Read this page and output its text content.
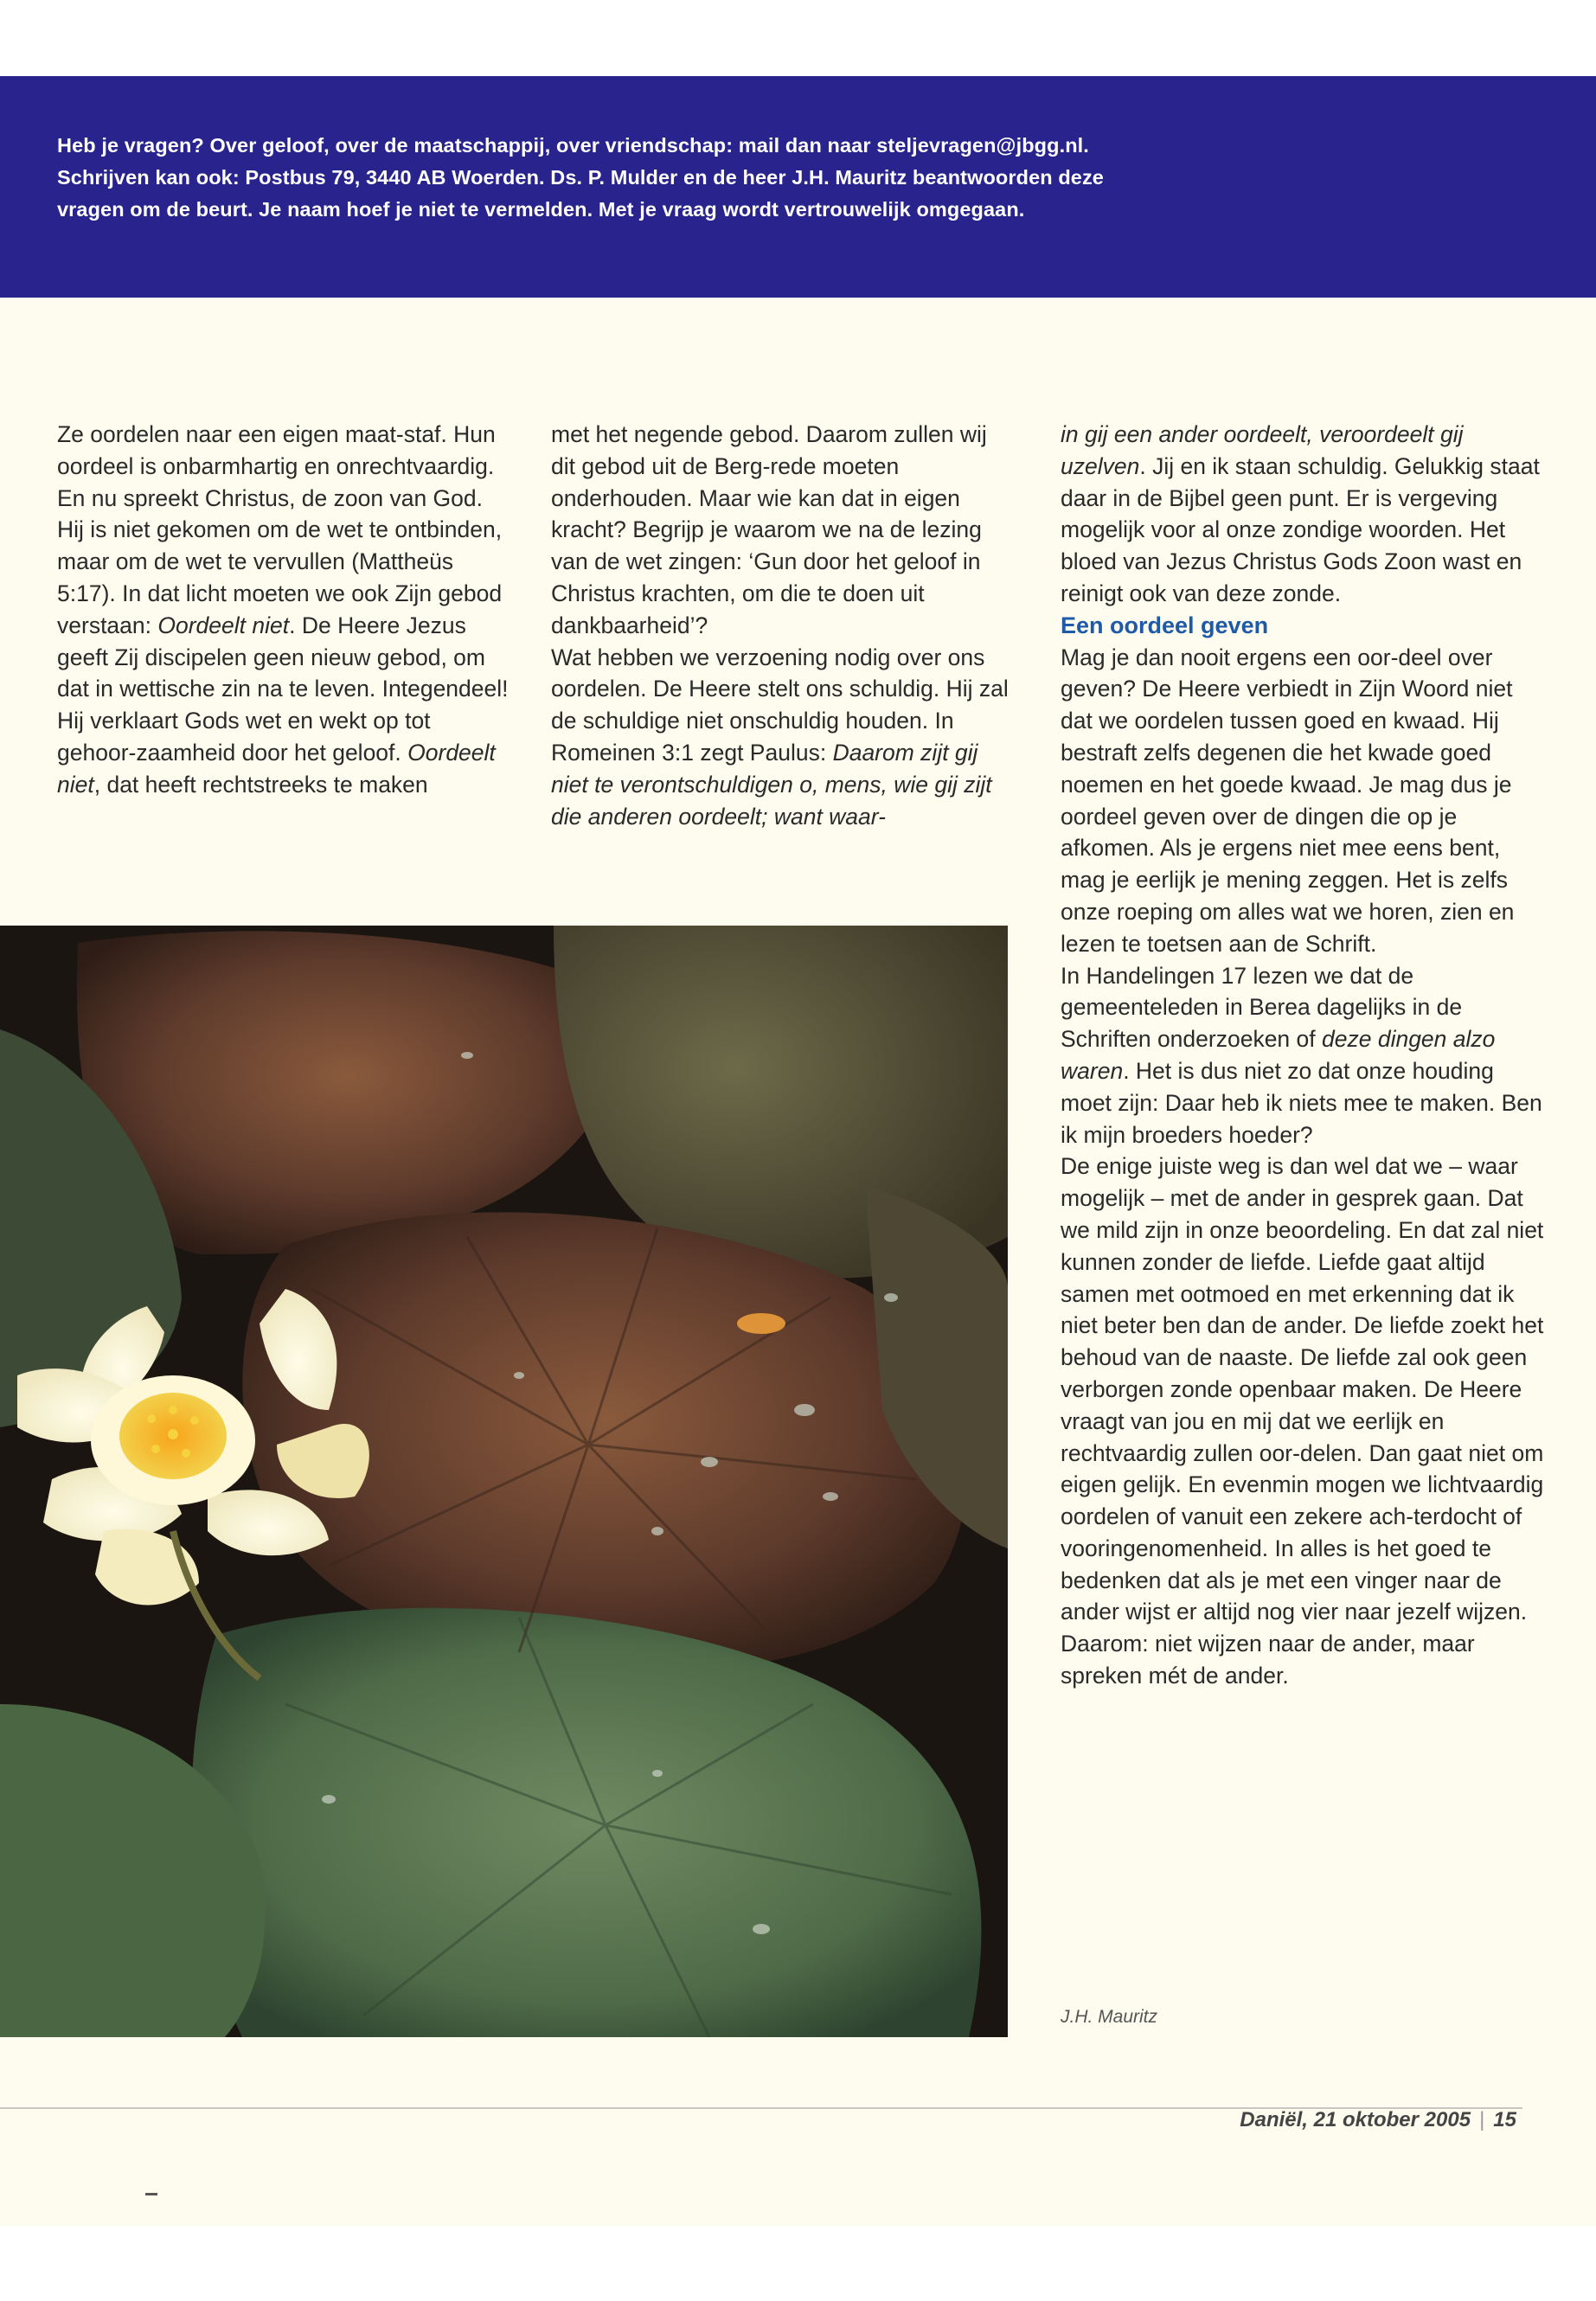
Heb je vragen? Over geloof, over de maatschappij, over vriendschap: mail dan naar steljevragen@jbgg.nl.

Schrijven kan ook: Postbus 79, 3440 AB Woerden. Ds. P. Mulder en de heer J.H. Mauritz beantwoorden deze

vragen om de beurt. Je naam hoef je niet te vermelden. Met je vraag wordt vertrouwelijk omgegaan.

Ze oordelen naar een eigen maat-staf. Hun oordeel is onbarmhartig en onrechtvaardig.

En nu spreekt Christus, de zoon van God. Hij is niet gekomen om de wet te ontbinden, maar om de wet te vervullen (Mattheüs 5:17). In dat licht moeten we ook Zijn gebod verstaan: Oordeelt niet. De Heere Jezus geeft Zij discipelen geen nieuw gebod, om dat in wettische zin na te leven. Integendeel! Hij verklaart Gods wet en wekt op tot gehoor-zaamheid door het geloof. Oordeelt niet, dat heeft rechtstreeks te maken

met het negende gebod. Daarom zullen wij dit gebod uit de Berg-rede moeten onderhouden. Maar wie kan dat in eigen kracht? Begrijp je waarom we na de lezing van de wet zingen: ‘Gun door het geloof in Christus krachten, om die te doen uit dankbaarheid’?

Wat hebben we verzoening nodig over ons oordelen. De Heere stelt ons schuldig. Hij zal de schuldige niet onschuldig houden. In Romeinen 3:1 zegt Paulus: Daarom zijt gij niet te verontschuldigen o, mens, wie gij zijt die anderen oordeelt; want waar-

in gij een ander oordeelt, veroordeelt gij uzelven. Jij en ik staan schuldig. Gelukkig staat daar in de Bijbel geen punt. Er is vergeving mogelijk voor al onze zondige woorden. Het bloed van Jezus Christus Gods Zoon wast en reinigt ook van deze zonde.

Een oordeel geven

Mag je dan nooit ergens een oor-deel over geven? De Heere verbiedt in Zijn Woord niet dat we oordelen tussen goed en kwaad. Hij bestraft zelfs degenen die het kwade goed noemen en het goede kwaad. Je mag dus je oordeel geven over de dingen die op je afkomen. Als je ergens niet mee eens bent, mag je eerlijk je mening zeggen. Het is zelfs onze roeping om alles wat we horen, zien en lezen te toetsen aan de Schrift.

In Handelingen 17 lezen we dat de gemeenteleden in Berea dagelijks in de Schriften onderzoeken of deze dingen alzo waren. Het is dus niet zo dat onze houding moet zijn: Daar heb ik niets mee te maken. Ben ik mijn broeders hoeder?

De enige juiste weg is dan wel dat we – waar mogelijk – met de ander in gesprek gaan. Dat we mild zijn in onze beoordeling. En dat zal niet kunnen zonder de liefde. Liefde gaat altijd samen met ootmoed en met erkenning dat ik niet beter ben dan de ander. De liefde zoekt het behoud van de naaste. De liefde zal ook geen verborgen zonde openbaar maken. De Heere vraagt van jou en mij dat we eerlijk en rechtvaardig zullen oor-delen. Dan gaat niet om eigen gelijk. En evenmin mogen we lichtvaardig oordelen of vanuit een zekere ach-terdocht of vooringenomenheid. In alles is het goed te bedenken dat als je met een vinger naar de ander wijst er altijd nog vier naar jezelf wijzen. Daarom: niet wijzen naar de ander, maar spreken mét de ander.

J.H. Mauritz
Daniël, 21 oktober 2005 | 15
